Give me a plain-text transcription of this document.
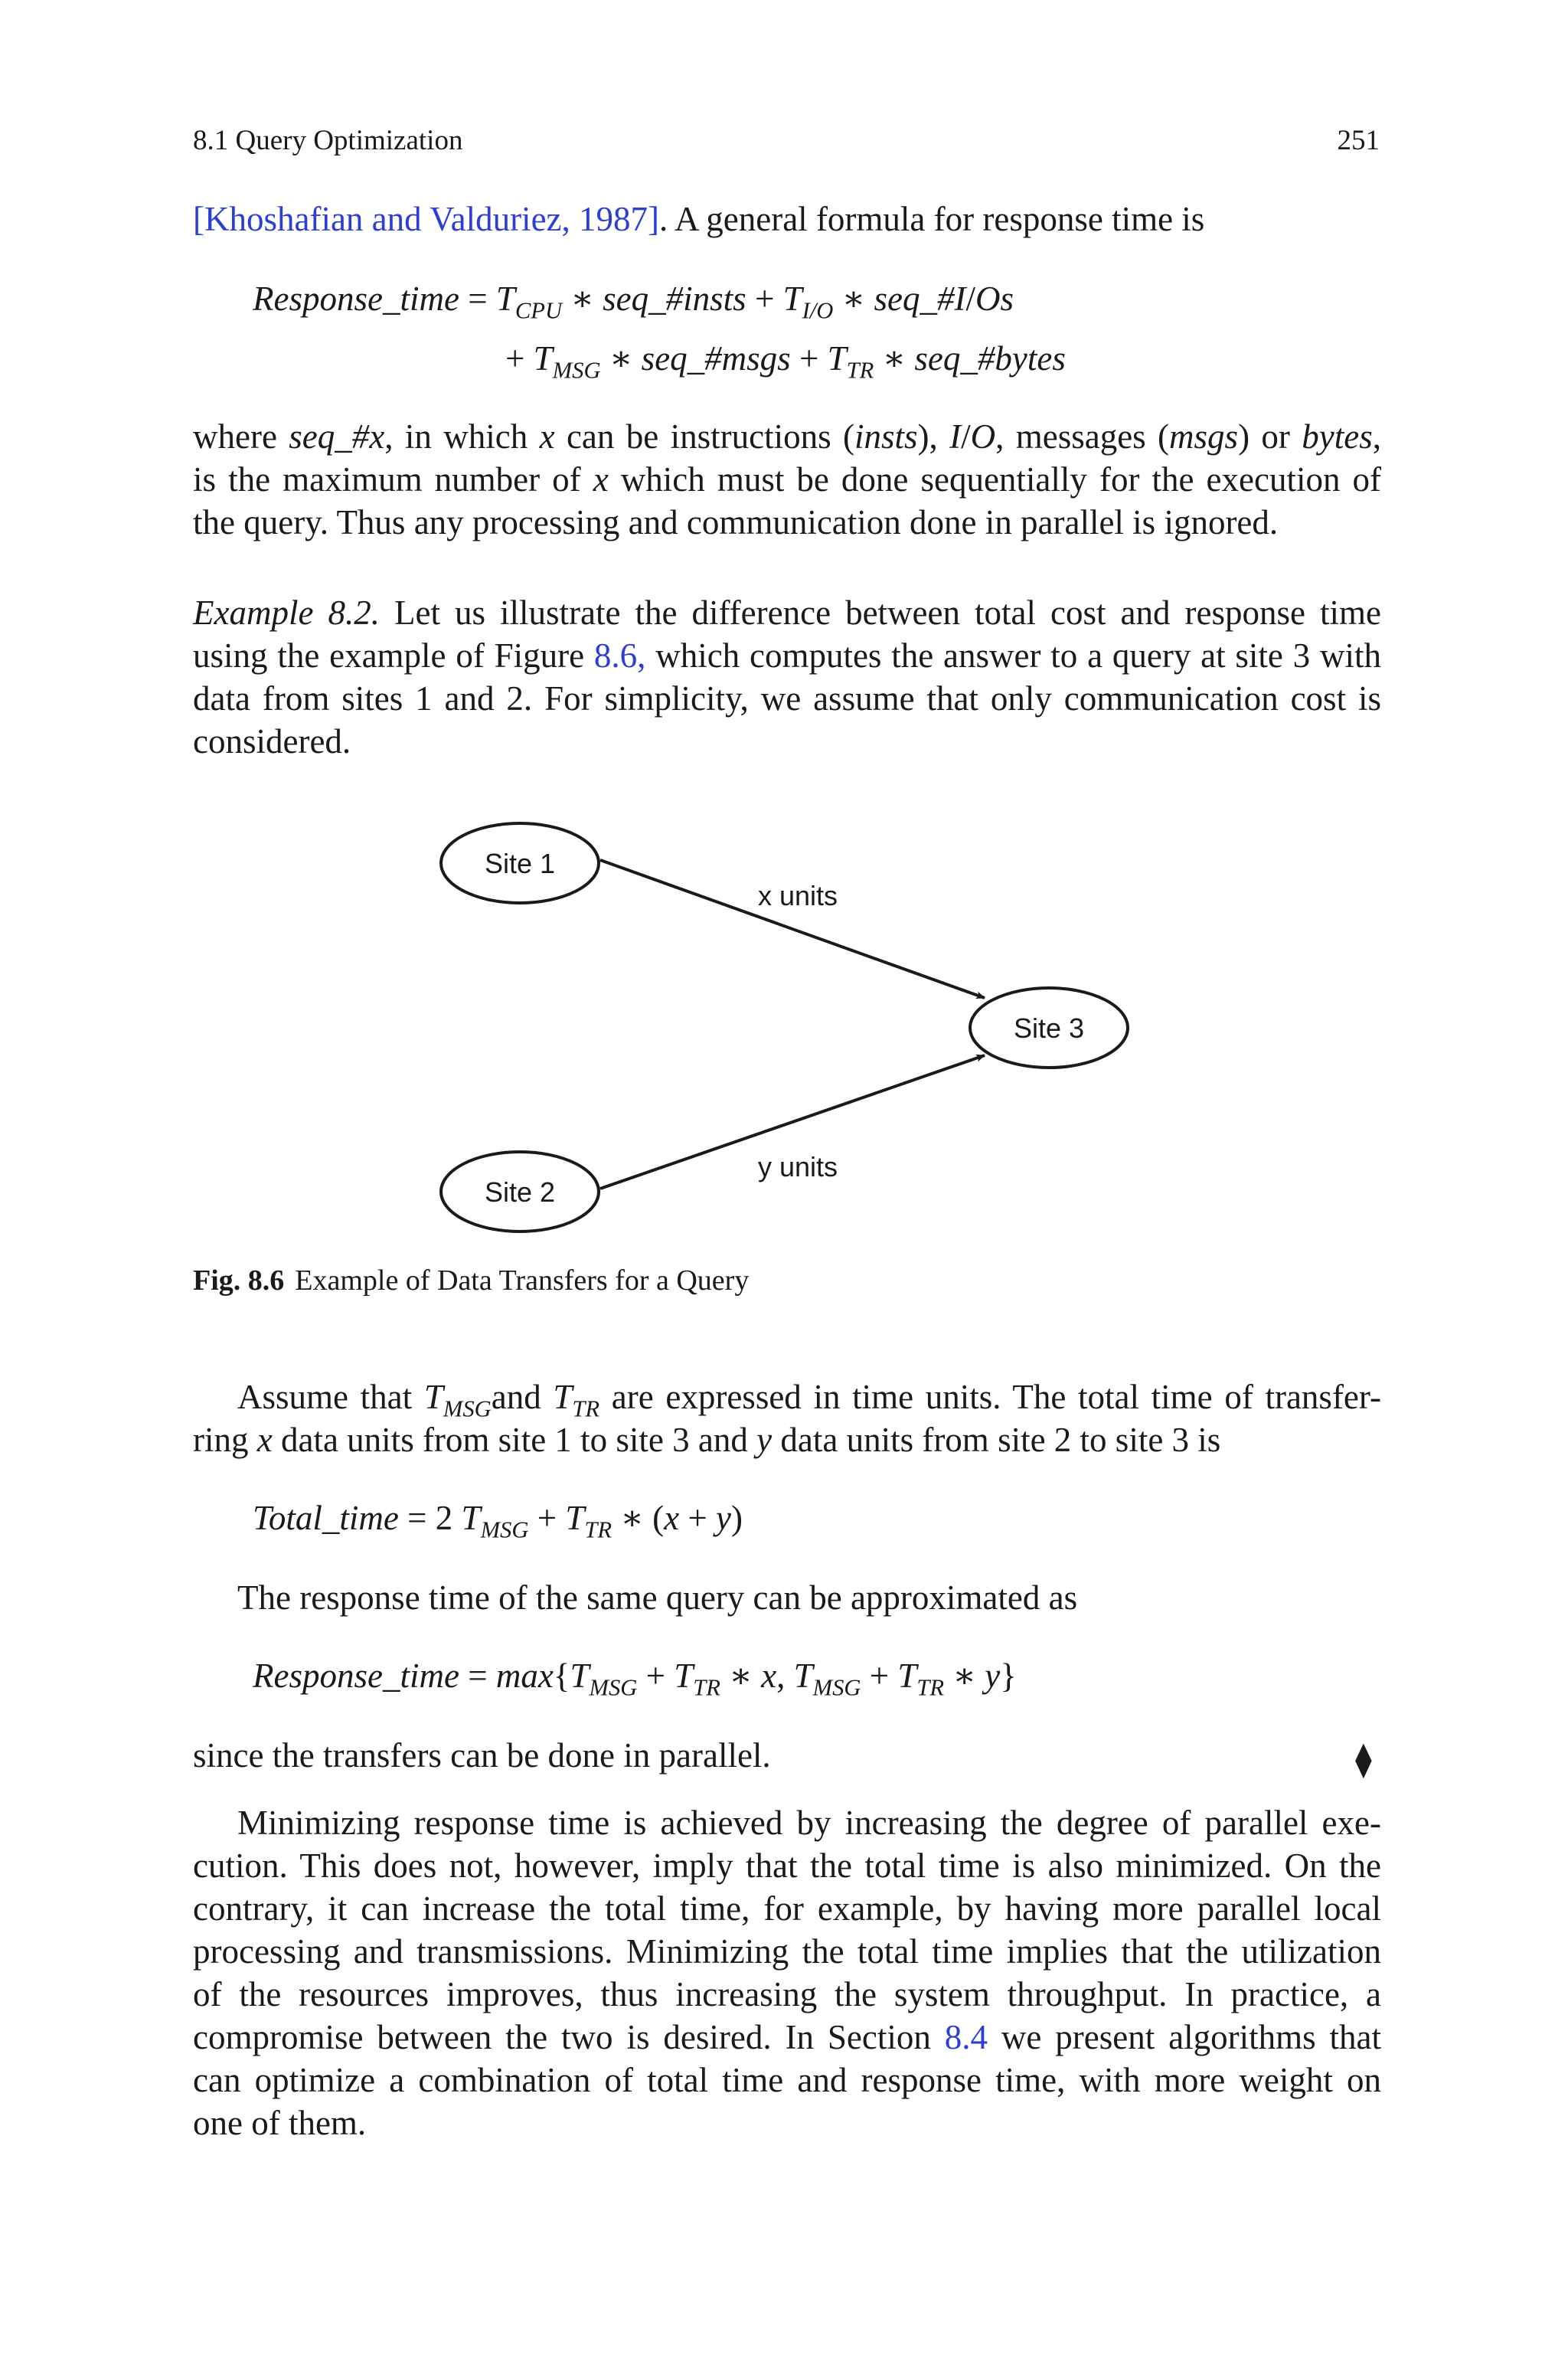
8.1 Query Optimization	251
[Khoshafian and Valduriez, 1987]. A general formula for response time is
Response_time = $T_{CPU}$ ∗ seq_#insts + $T_{I/O}$ ∗ seq_#I/Os
+ $T_{MSG}$ ∗ seq_#msgs + $T_{TR}$ ∗ seq_#bytes
where seq_#x, in which x can be instructions (insts), I/O, messages (msgs) or bytes,
is the maximum number of x which must be done sequentially for the execution of
the query. Thus any processing and communication done in parallel is ignored.
Example 8.2. Let us illustrate the difference between total cost and response time
using the example of Figure 8.6, which computes the answer to a query at site 3 with
data from sites 1 and 2. For simplicity, we assume that only communication cost is
considered.
Site 1
Site 2
Site 3
x units
y units
Fig. 8.6 Example of Data Transfers for a Query
Assume that $T_{MSG}and$ $T_{TR}$ are expressed in time units. The total time of transfer-
ring x data units from site 1 to site 3 and y data units from site 2 to site 3 is
Total_time = 2 $T_{MSG} + T_{TR}$ ∗ (x + y)
The response time of the same query can be approximated as
Response_time = $\max\{T_{MSG} + T_{TR}$ ∗ x, $T_{MSG} + T_{TR}$ ∗ y}
since the transfers can be done in parallel.	⧫
Minimizing response time is achieved by increasing the degree of parallel exe-
cution. This does not, however, imply that the total time is also minimized. On the
contrary, it can increase the total time, for example, by having more parallel local
processing and transmissions. Minimizing the total time implies that the utilization
of the resources improves, thus increasing the system throughput. In practice, a
compromise between the two is desired. In Section 8.4 we present algorithms that
can optimize a combination of total time and response time, with more weight on
one of them.
